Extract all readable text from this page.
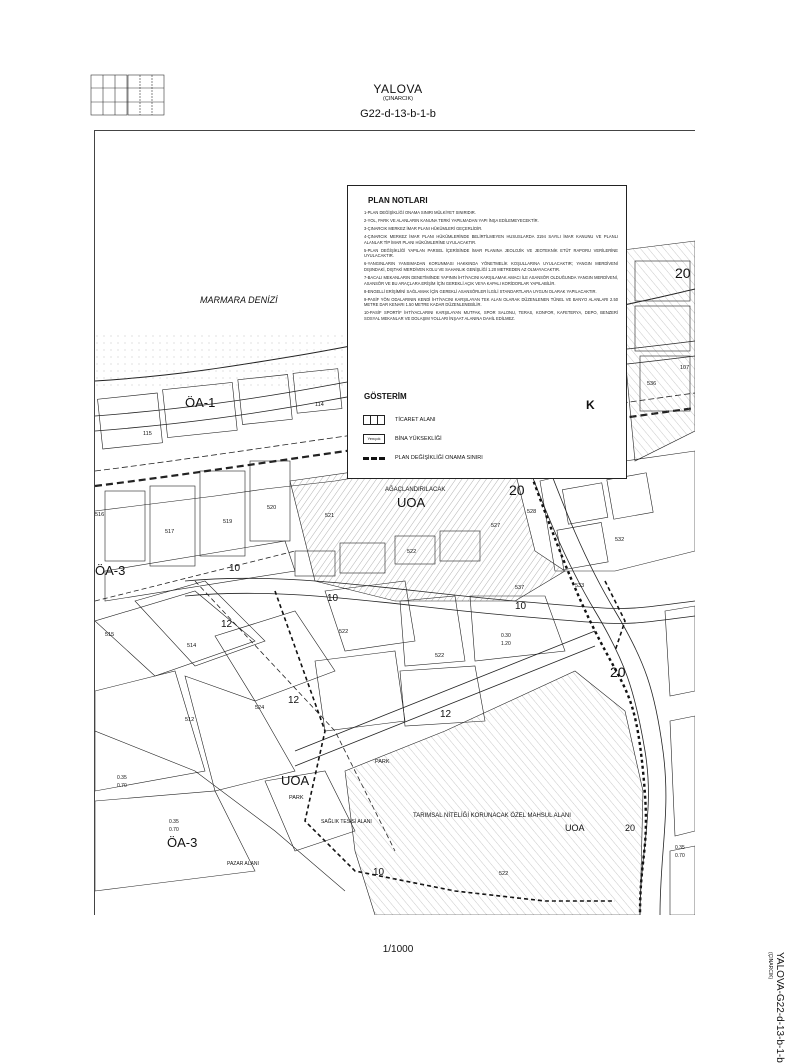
YALOVA
(ÇINARCIK)
G22-d-13-b-1-b
MARMARA DENİZİ
ÖA-1
ÖA-3
ÖA-3
UOA
UOA
UOA
20
20
20
12
10
10
12
12
10
10
20
AĞAÇLANDIRILACAK
PARK
PARK
SAĞLIK TESİSİ ALANI
PAZAR ALANI
TARIMSAL NİTELİĞİ KORUNACAK ÖZEL MAHSUL ALANI
114
115
516
517
519
520
521
522
522
522
522
527
528
532
533
536
537
512
514
515
107
524
0.35
0.70
0.35
0.70
0.35
0.70
0.30
1.20
PLAN NOTLARI
1-PLAN DEĞİŞİKLİĞİ ONAMA SINIRI MÜLKİYET SINIRIDIR.
2-YOL, PARK VE ALANLARIN KANUNA TERKİ YAPILMADAN YAPI İNŞA EDİLEMEYECEKTİR.
3-ÇINARCIK MERKEZ İMAR PLANI HÜKÜMLERİ GEÇERLİDİR.
4-ÇINARCIK MERKEZ İMAR PLANI HÜKÜMLERİNDE BELİRTİLMEYEN HUSUSLARDA 3194 SAYILI İMAR KANUNU VE PLANLI ALANLAR TİP İMAR PLANI HÜKÜMLERİNE UYULACAKTIR.
5-PLAN DEĞİŞİKLİĞİ YAPILAN PARSEL İÇERİSİNDE İMAR PLANINA JEOLOJİK VE JEOTEKNİK ETÜT RAPORU VERİLERİNE UYULACAKTIR.
6-YANGINLARIN YANSIMADAN KORUNMASI HAKKINDA YÖNETMELİK KOŞULLARINA UYULACAKTIR; YANGIN MERDİVENİ DIŞINDAKİ, DIŞTAKİ MERDİVEN KOLU VE SAHANLIK GENİŞLİĞİ 1.20 METREDEN AZ OLMAYACAKTIR.
7-BACALI MEKANLARIN DENETİMİNDE YAPININ İHTİYACINI KARŞILAMAK AMACI İLE ASANSÖR OLDUĞUNDA YANGIN MERDİVENİ, ASANSÖR VE BU ARAÇLARA ERİŞİM İÇİN GEREKLİ AÇIK VEYA KAPALI KORİDORLAR YAPILABİLİR.
8-ENGELLİ ERİŞİMİNİ SAĞLAMAK İÇİN GEREKLİ ASANSÖRLER İLGİLİ STANDARTLARA UYGUN OLARAK YAPILACAKTIR.
9-PASİF YÖN ODALARININ KENDİ İHTİYACINI KARŞILAYAN TEK ALAN OLARAK DÜZENLENEN TÜNEL VE BANYO ALANLARI 2.50 METRE DAR KENARI 1.50 METRE KADAR DÜZENLENEBİLİR.
10-PASİF SPORTİF İHTİYACLARINI KARŞILAYAN MUTFAK, SPOR SALONU, TERAS, KONFOR, KAFETERYA, DEPO, BENZERİ SOSYAL MEKANLAR VE DOLAŞIM YOLLARI İNŞAAT ALANINA DAHİL EDİLMEZ.
GÖSTERİM
TİCARET ALANI
Yençok	BİNA YÜKSEKLİĞİ
PLAN DEĞİŞİKLİĞİ ONAMA SINIRI
K
1/1000
YALOVA-G22-d-13-b-1-b
(ÇINARCIK)
